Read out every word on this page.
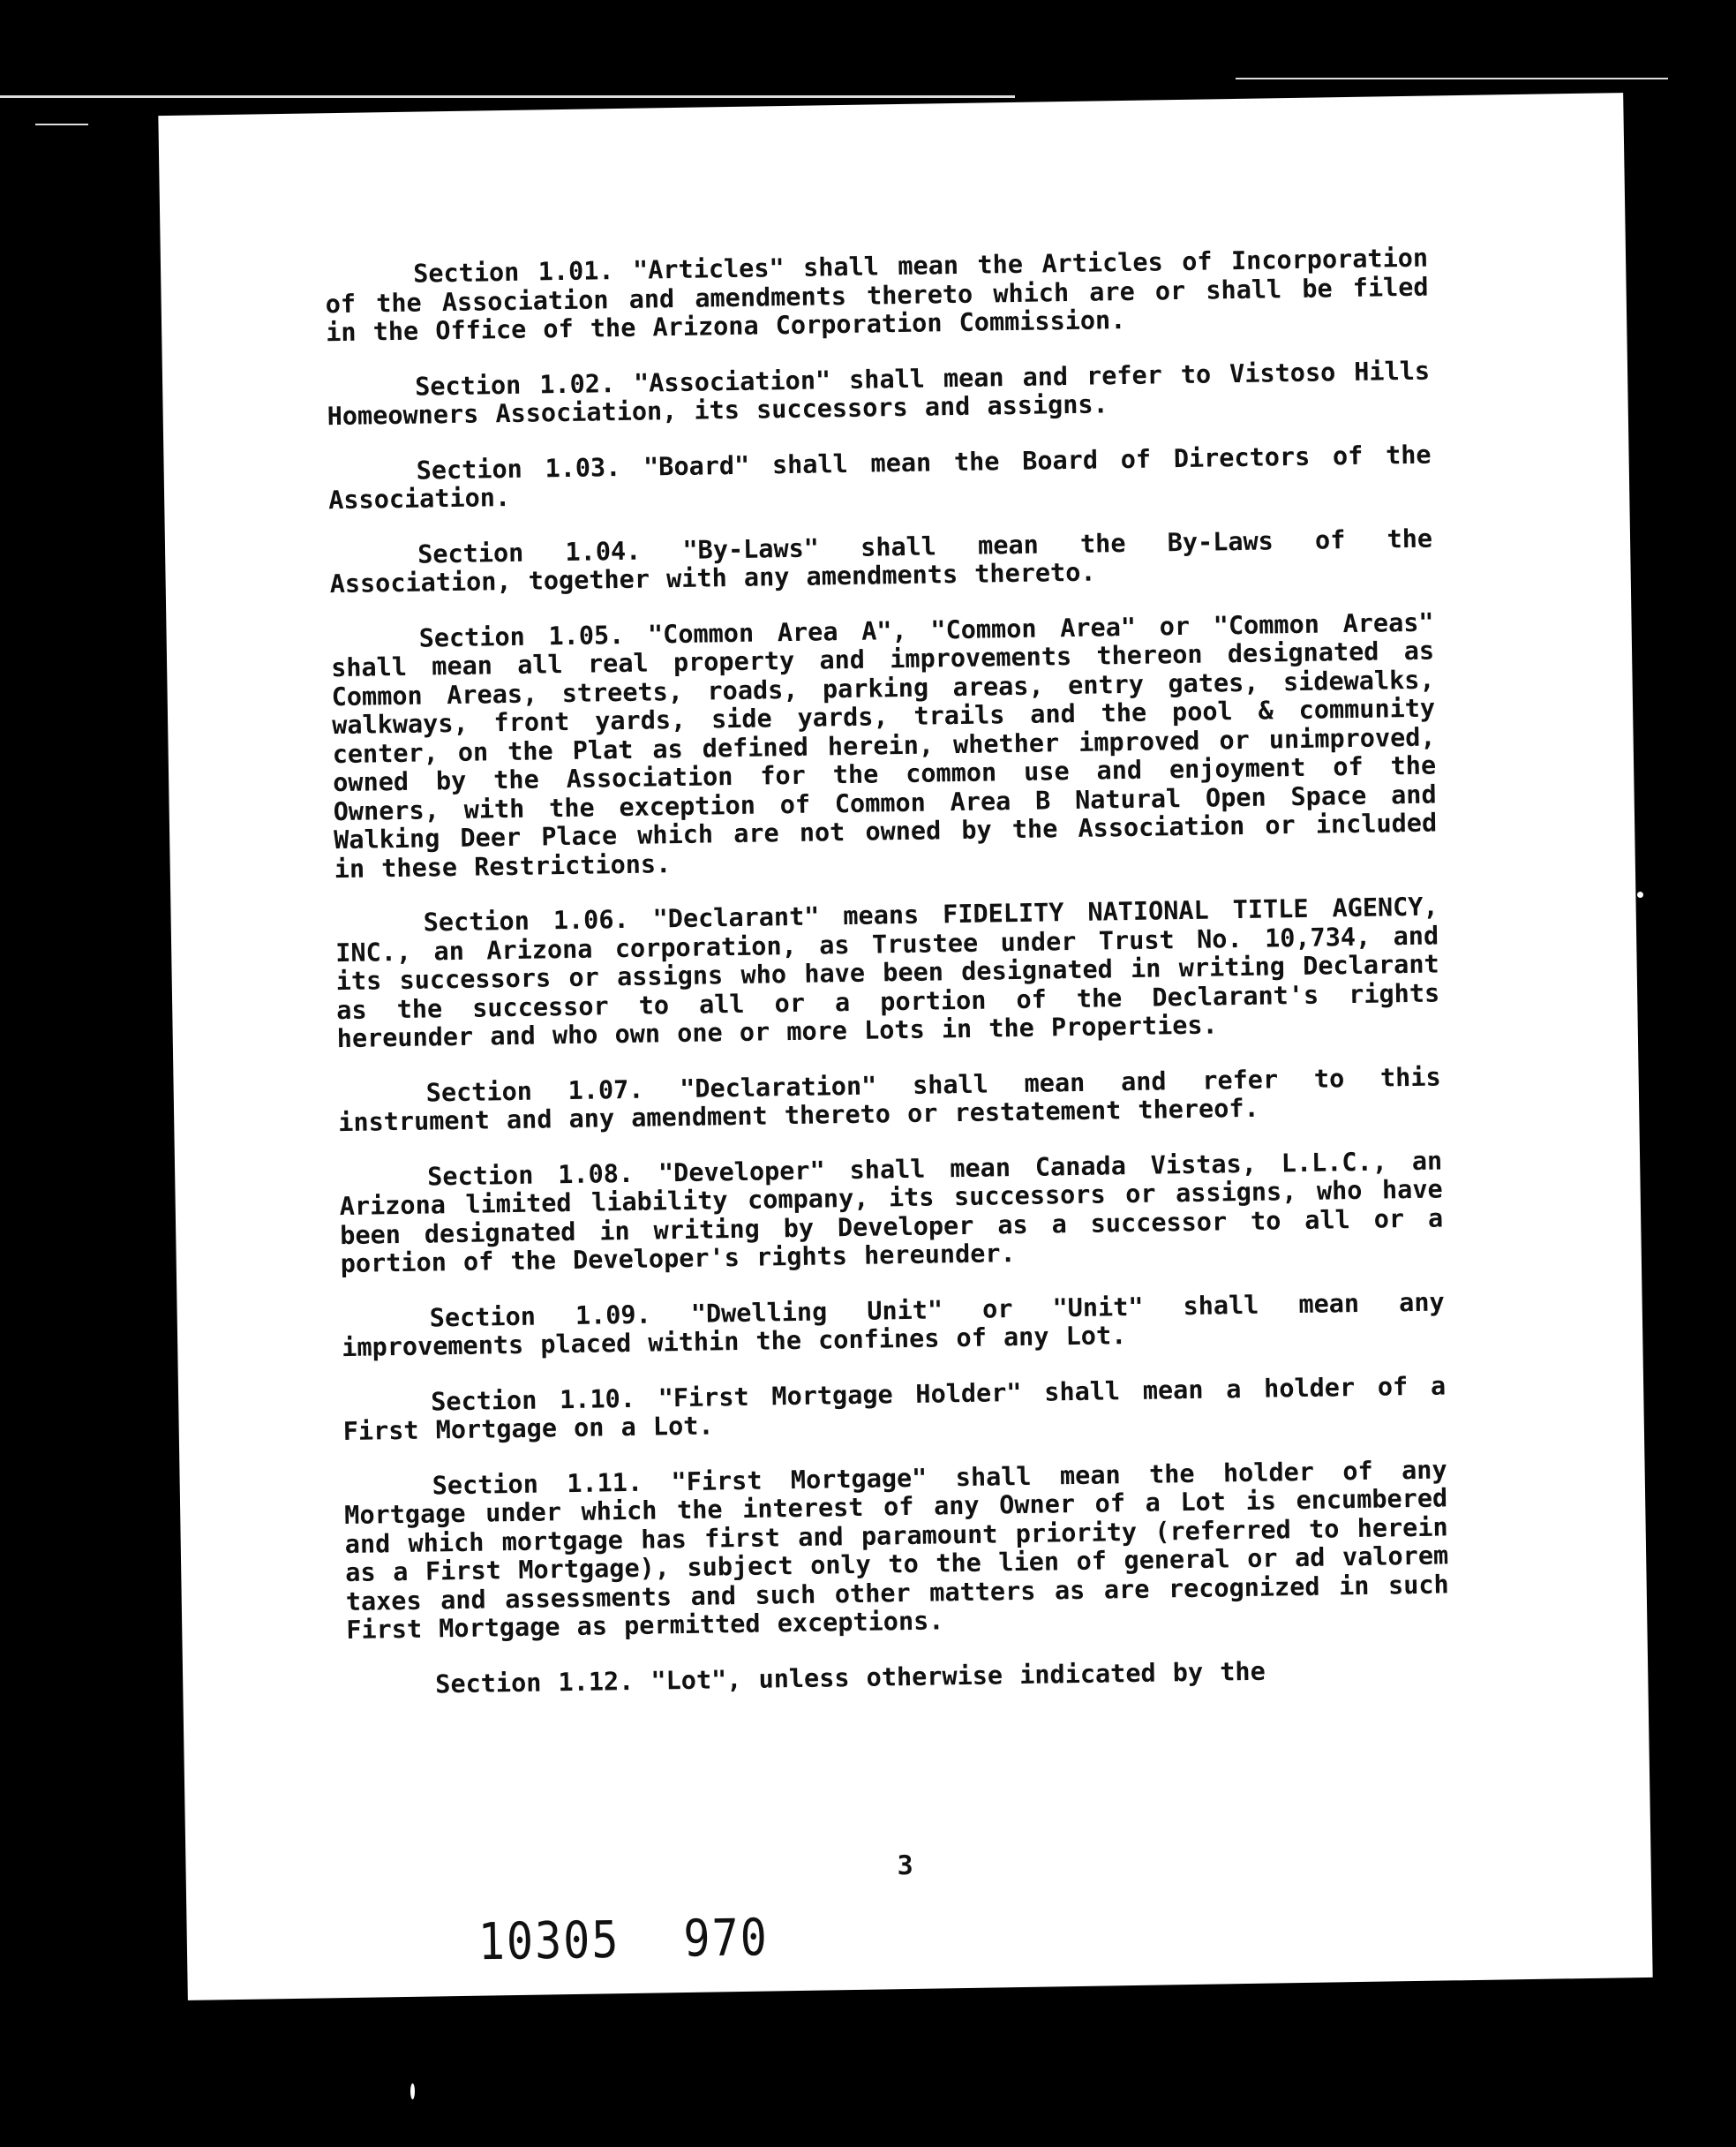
Section 1.01. "Articles" shall mean the Articles of Incorporation of the Association and amendments thereto which are or shall be filed in the Office of the Arizona Corporation Commission.

Section 1.02. "Association" shall mean and refer to Vistoso Hills Homeowners Association, its successors and assigns.

Section 1.03. "Board" shall mean the Board of Directors of the Association.

Section 1.04. "By-Laws" shall mean the By-Laws of the Association, together with any amendments thereto.

Section 1.05. "Common Area A", "Common Area" or "Common Areas" shall mean all real property and improvements thereon designated as Common Areas, streets, roads, parking areas, entry gates, sidewalks, walkways, front yards, side yards, trails and the pool & community center, on the Plat as defined herein, whether improved or unimproved, owned by the Association for the common use and enjoyment of the Owners, with the exception of Common Area B Natural Open Space and Walking Deer Place which are not owned by the Association or included in these Restrictions.

Section 1.06. "Declarant" means FIDELITY NATIONAL TITLE AGENCY, INC., an Arizona corporation, as Trustee under Trust No. 10,734, and its successors or assigns who have been designated in writing Declarant as the successor to all or a portion of the Declarant's rights hereunder and who own one or more Lots in the Properties.

Section 1.07. "Declaration" shall mean and refer to this instrument and any amendment thereto or restatement thereof.

Section 1.08. "Developer" shall mean Canada Vistas, L.L.C., an Arizona limited liability company, its successors or assigns, who have been designated in writing by Developer as a successor to all or a portion of the Developer's rights hereunder.

Section 1.09. "Dwelling Unit" or "Unit" shall mean any improvements placed within the confines of any Lot.

Section 1.10. "First Mortgage Holder" shall mean a holder of a First Mortgage on a Lot.

Section 1.11. "First Mortgage" shall mean the holder of any Mortgage under which the interest of any Owner of a Lot is encumbered and which mortgage has first and paramount priority (referred to herein as a First Mortgage), subject only to the lien of general or ad valorem taxes and assessments and such other matters as are recognized in such First Mortgage as permitted exceptions.

Section 1.12. "Lot", unless otherwise indicated by the

3
10305 970
